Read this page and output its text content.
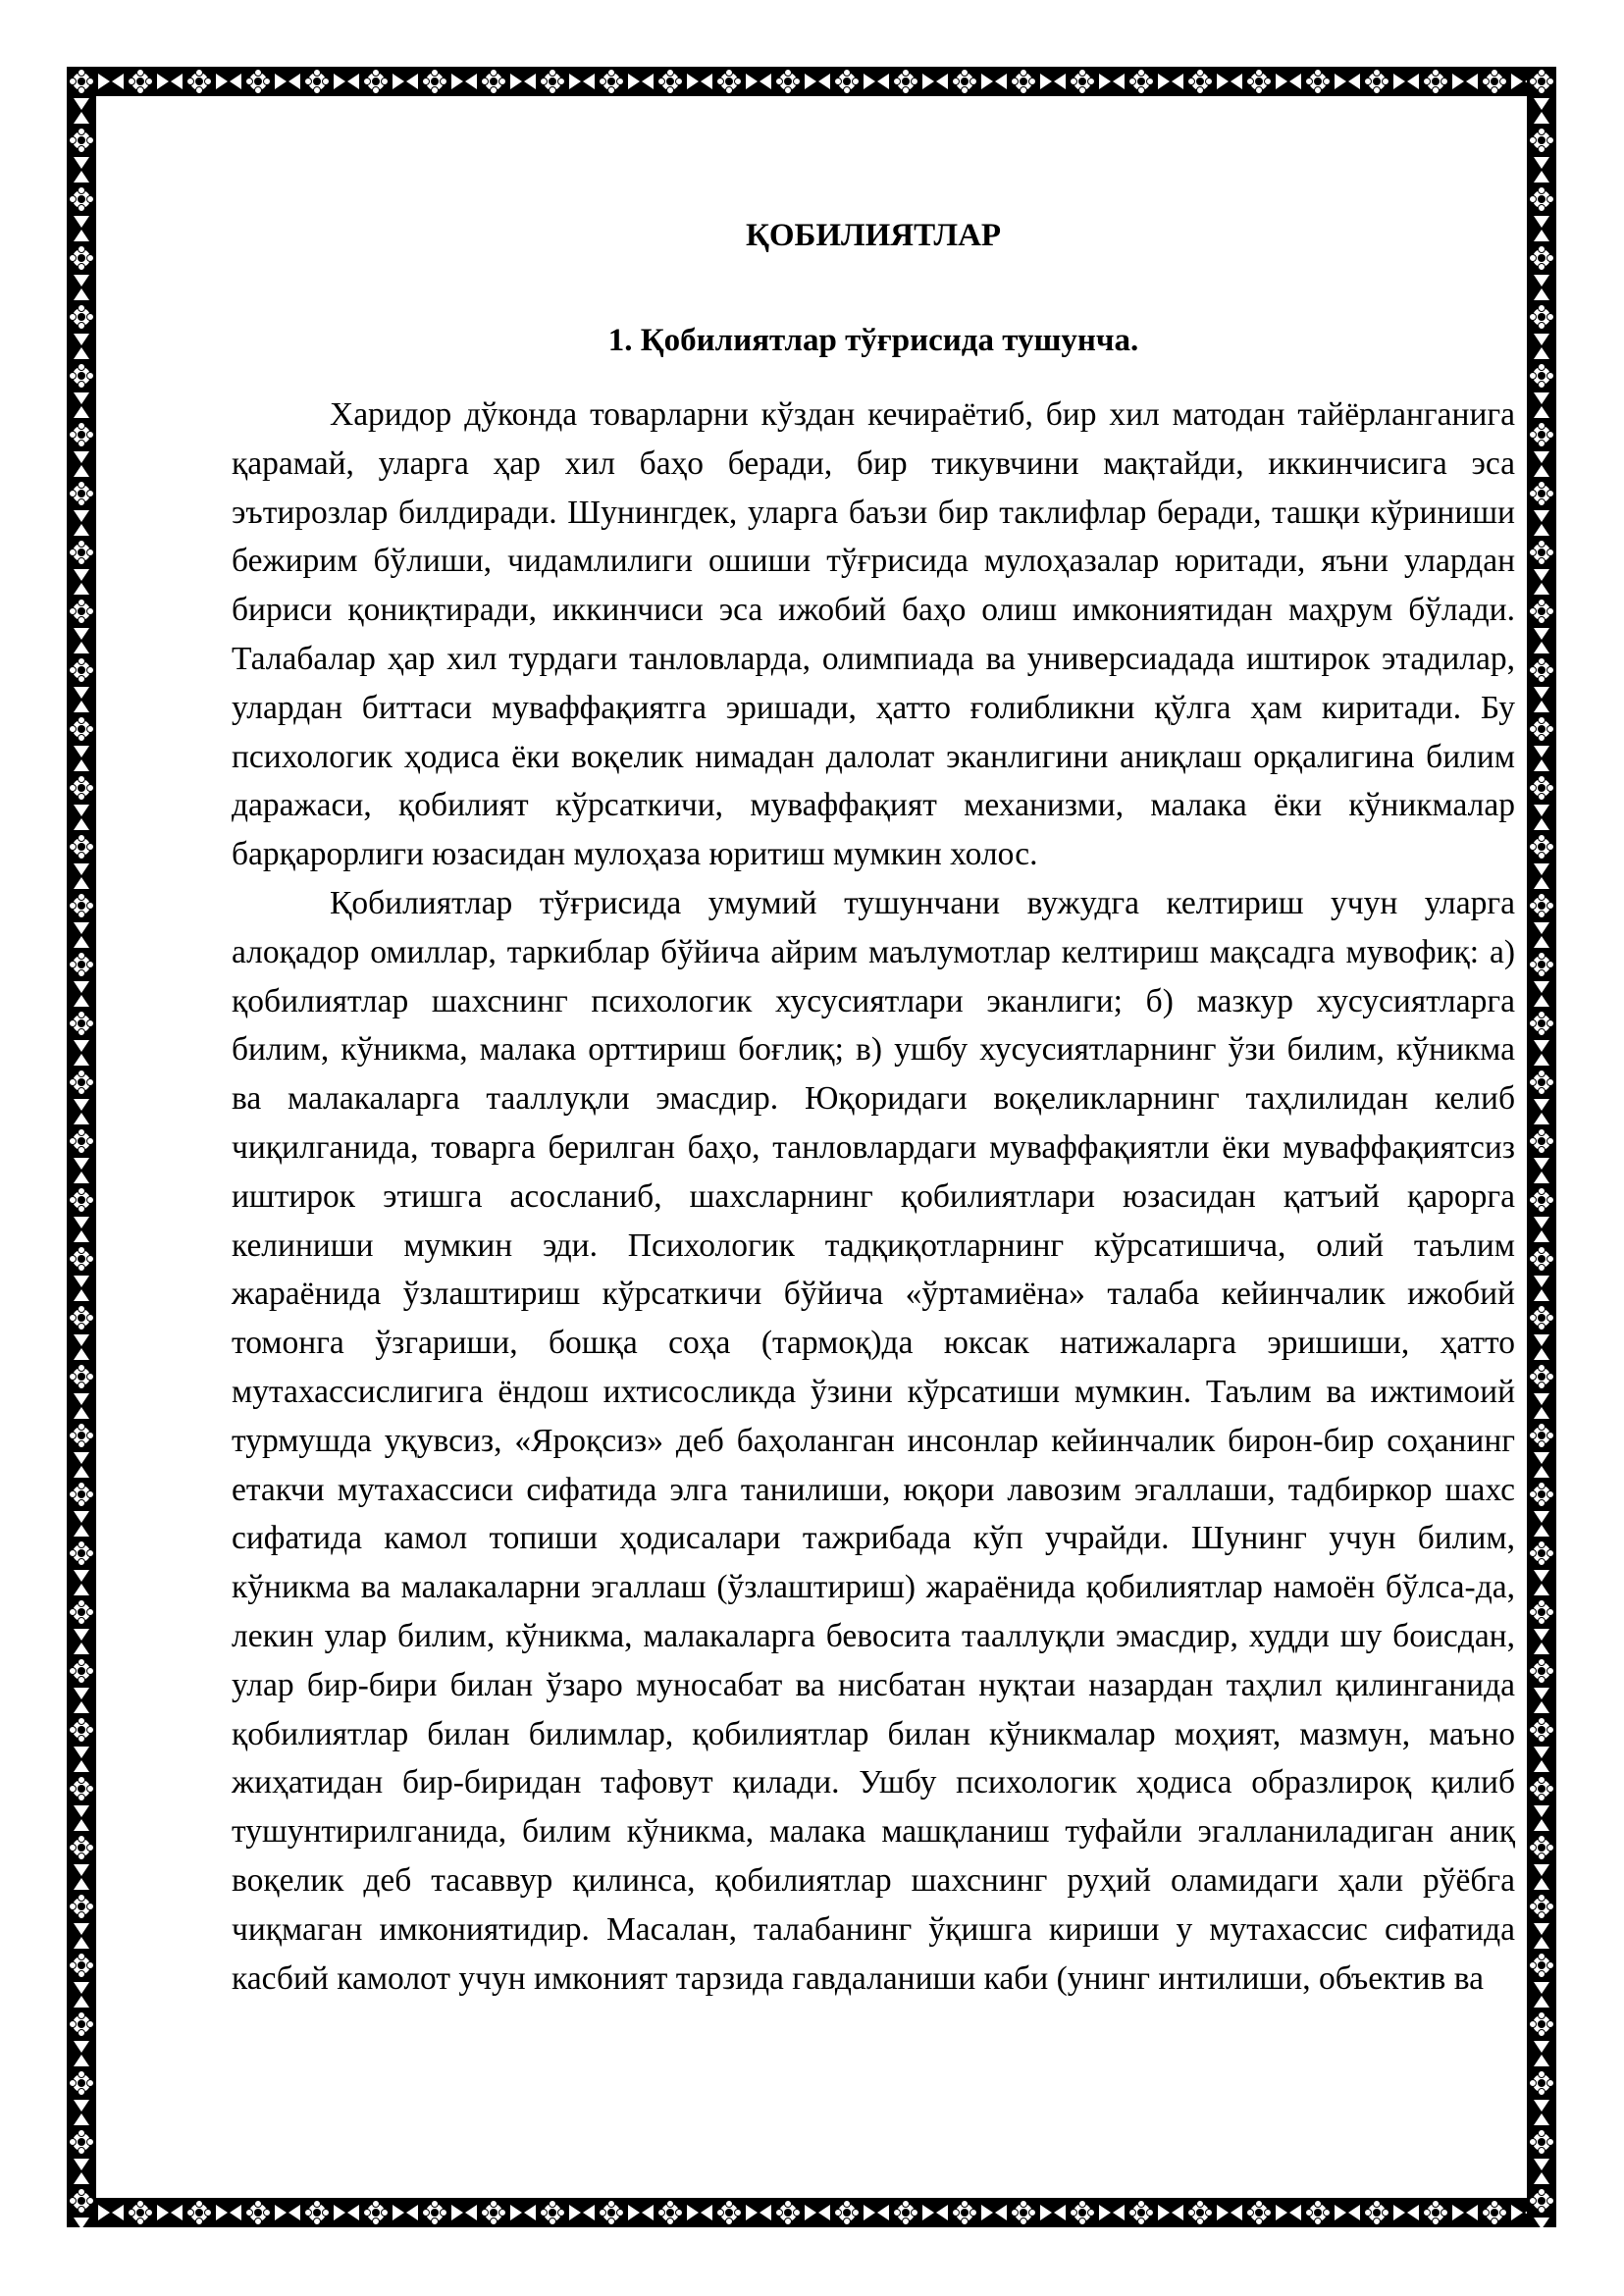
ҚОБИЛИЯТЛАР
1. Қобилиятлар тўғрисида тушунча.

Харидор дўконда товарларни кўздан кечираётиб, бир хил матодан тайёрланганига қарамай, уларга ҳар хил баҳо беради, бир тикувчини мақтайди, иккинчисига эса эътирозлар билдиради. Шунингдек, уларга баъзи бир таклифлар беради, ташқи кўриниши бежирим бўлиши, чидамлилиги ошиши тўғрисида мулоҳазалар юритади, яъни улардан бириси қониқтиради, иккинчиси эса ижобий баҳо олиш имкониятидан маҳрум бўлади. Талабалар ҳар хил турдаги танловларда, олимпиада ва универсиадада иштирок этадилар, улардан биттаси муваффақиятга эришади, ҳатто ғолибликни қўлга ҳам киритади. Бу психологик ҳодиса ёки воқелик нимадан далолат эканлигини аниқлаш орқалигина билим даражаси, қобилият кўрсаткичи, муваффақият механизми, малака ёки кўникмалар барқарорлиги юзасидан мулоҳаза юритиш мумкин холос.

Қобилиятлар тўғрисида умумий тушунчани вужудга келтириш учун уларга алоқадор омиллар, таркиблар бўйича айрим маълумотлар келтириш мақсадга мувофиқ: а) қобилиятлар шахснинг психологик хусусиятлари эканлиги; б) мазкур хусусиятларга билим, кўникма, малака орттириш боғлиқ; в) ушбу хусусиятларнинг ўзи билим, кўникма ва малакаларга тааллуқли эмасдир. Юқоридаги воқеликларнинг таҳлилидан келиб чиқилганида, товарга берилган баҳо, танловлардаги муваффақиятли ёки муваффақиятсиз иштирок этишга асосланиб, шахсларнинг қобилиятлари юзасидан қатъий қарорга келиниши мумкин эди. Психологик тадқиқотларнинг кўрсатишича, олий таълим жараёнида ўзлаштириш кўрсаткичи бўйича «ўртамиёна» талаба кейинчалик ижобий томонга ўзгариши, бошқа соҳа (тармоқ)да юксак натижаларга эришиши, ҳатто мутахассислигига ёндош ихтисосликда ўзини кўрсатиши мумкин. Таълим ва ижтимоий турмушда уқувсиз, «Ярoқсиз» деб баҳоланган инсонлар кейинчалик бирон-бир соҳанинг етакчи мутахассиси сифатида элга танилиши, юқори лавозим эгаллаши, тадбиркор шахс сифатида камол топиши ҳодисалари тажрибада кўп учрайди. Шунинг учун билим, кўникма ва малакаларни эгаллаш (ўзлаштириш) жараёнида қобилиятлар намоён бўлса-да, лекин улар билим, кўникма, малакаларга бевосита тааллуқли эмасдир, худди шу боисдан, улар бир-бири билан ўзаро муносабат ва нисбатан нуқтаи назардан таҳлил қилинганида қобилиятлар билан билимлар, қобилиятлар билан кўникмалар моҳият, мазмун, маъно жиҳатидан бир-биридан тафовут қилади. Ушбу психологик ҳодиса образлироқ қилиб тушунтирилганида, билим кўникма, малака машқланиш туфайли эгалланиладиган аниқ воқелик деб тасаввур қилинса, қобилиятлар шахснинг руҳий оламидаги ҳали рўёбга чиқмаган имкониятидир. Масалан, талабанинг ўқишга кириши у мутахассис сифатида касбий камолот учун имконият тарзида гавдаланиши каби (унинг интилиши, объектив ва
